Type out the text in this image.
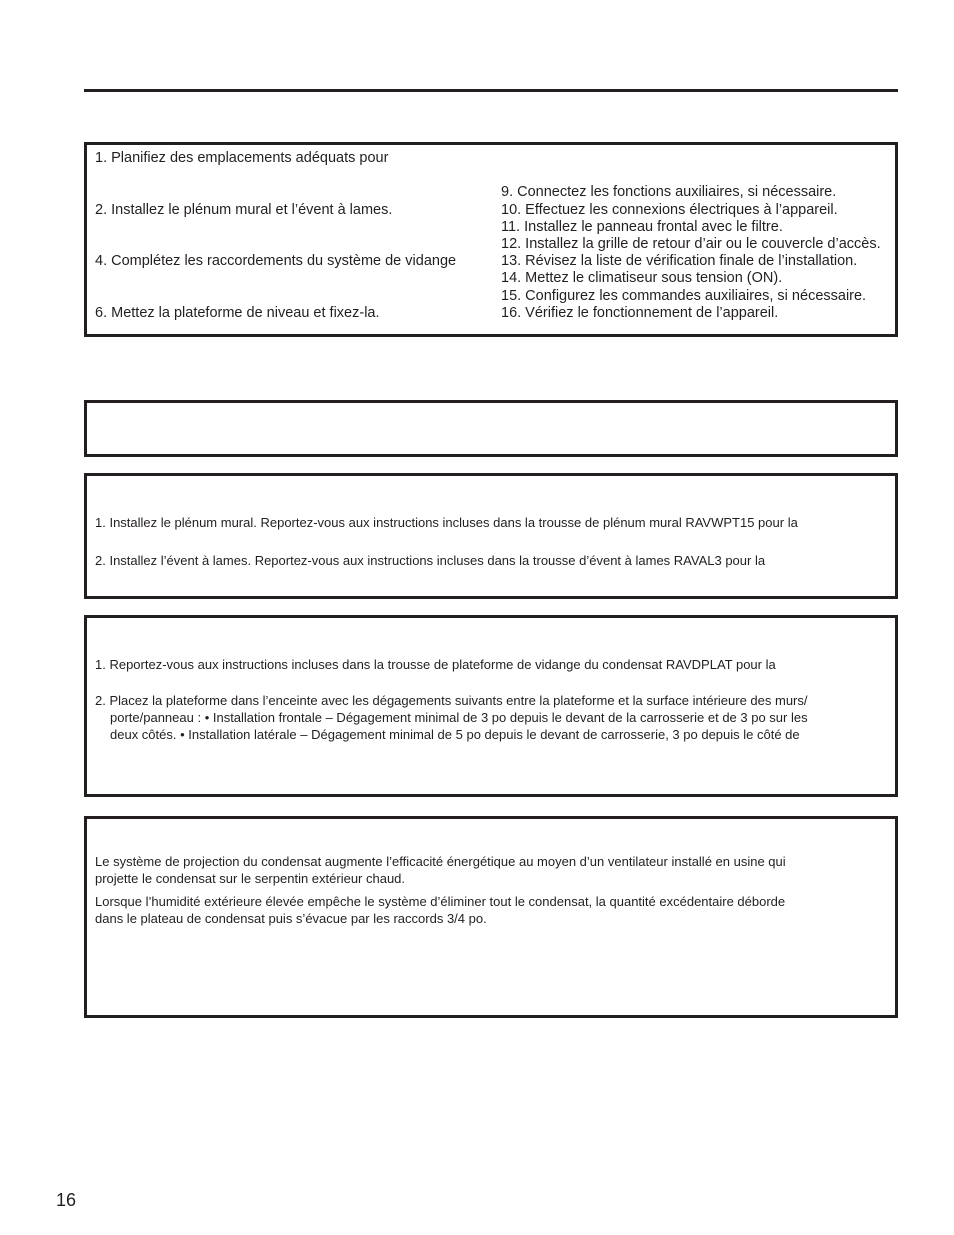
1. Planifiez des emplacements adéquats pour
2. Installez le plénum mural et l’évent à lames.
4. Complétez les raccordements du système de vidange
6. Mettez la plateforme de niveau et fixez-la.
9. Connectez les fonctions auxiliaires, si nécessaire.
10. Effectuez les connexions électriques à l’appareil.
11. Installez le panneau frontal avec le filtre.
12. Installez la grille de retour d’air ou le couvercle d’accès.
13. Révisez la liste de vérification finale de l’installation.
14. Mettez le climatiseur sous tension (ON).
15. Configurez les commandes auxiliaires, si nécessaire.
16. Vérifiez le fonctionnement de l’appareil.
1. Installez le plénum mural. Reportez-vous aux instructions incluses dans la trousse de plénum mural RAVWPT15 pour la
2. Installez l’évent à lames. Reportez-vous aux instructions incluses dans la trousse d’évent à lames RAVAL3 pour la
1. Reportez-vous aux instructions incluses dans la trousse de plateforme de vidange du condensat RAVDPLAT pour la
2. Placez la plateforme dans l’enceinte avec les dégagements suivants entre la plateforme et la surface intérieure des murs/
porte/panneau : • Installation frontale – Dégagement minimal de 3 po depuis le devant de la carrosserie et de 3 po sur les
deux côtés. • Installation latérale – Dégagement minimal de 5 po depuis le devant de carrosserie, 3 po depuis le côté de
Le système de projection du condensat augmente l’efficacité énergétique au moyen d’un ventilateur installé en usine qui
projette le condensat sur le serpentin extérieur chaud.
Lorsque l’humidité extérieure élevée empêche le système d’éliminer tout le condensat, la quantité excédentaire déborde
dans le plateau de condensat puis s’évacue par les raccords 3/4 po.
16
